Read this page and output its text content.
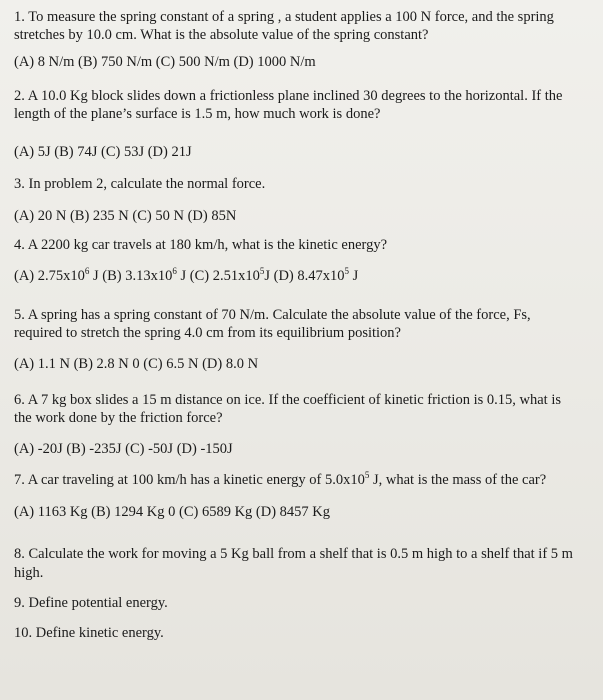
1. To measure the spring constant of a spring , a student applies a 100 N force, and the spring
stretches by 10.0 cm. What is the absolute value of the spring constant?
(A) 8 N/m (B) 750 N/m (C) 500 N/m (D) 1000 N/m
2. A 10.0 Kg block slides down a frictionless plane inclined 30 degrees to the horizontal. If the
length of the plane’s surface is 1.5 m, how much work is done?
(A) 5J (B) 74J (C) 53J (D) 21J
3. In problem 2, calculate the normal force.
(A) 20 N (B) 235 N (C) 50 N (D) 85N
4. A 2200 kg car travels at 180 km/h, what is the kinetic energy?
(A) $2.75x10^6$ J (B) $3.13x10^6$ J (C) $2.51x10^5J$ (D) $8.47x10^5$ J
5. A spring has a spring constant of 70 N/m. Calculate the absolute value of the force, Fs,
required to stretch the spring 4.0 cm from its equilibrium position?
(A) 1.1 N (B) 2.8 N 0 (C) 6.5 N (D) 8.0 N
6. A 7 kg box slides a 15 m distance on ice. If the coefficient of kinetic friction is 0.15, what is
the work done by the friction force?
(A) -20J (B) -235J (C) -50J (D) -150J
7. A car traveling at 100 km/h has a kinetic energy of $5.0x10^5$ J, what is the mass of the car?
(A) 1163 Kg (B) 1294 Kg 0 (C) 6589 Kg (D) 8457 Kg
8. Calculate the work for moving a 5 Kg ball from a shelf that is 0.5 m high to a shelf that if 5 m
high.
9. Define potential energy.
10. Define kinetic energy.
